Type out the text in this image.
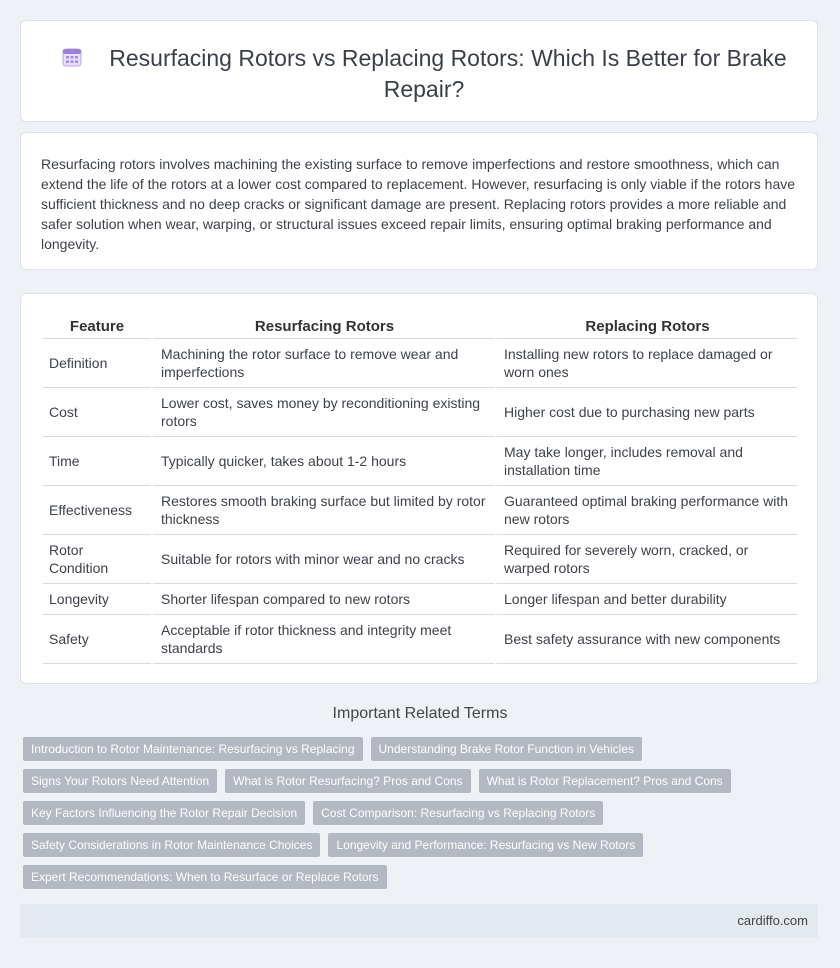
Resurfacing Rotors vs Replacing Rotors: Which Is Better for Brake Repair?

Resurfacing rotors involves machining the existing surface to remove imperfections and restore smoothness, which can extend the life of the rotors at a lower cost compared to replacement. However, resurfacing is only viable if the rotors have sufficient thickness and no deep cracks or significant damage are present. Replacing rotors provides a more reliable and safer solution when wear, warping, or structural issues exceed repair limits, ensuring optimal braking performance and longevity.

Feature	Resurfacing Rotors	Replacing Rotors
Definition	Machining the rotor surface to remove wear and imperfections	Installing new rotors to replace damaged or worn ones
Cost	Lower cost, saves money by reconditioning existing rotors	Higher cost due to purchasing new parts
Time	Typically quicker, takes about 1-2 hours	May take longer, includes removal and installation time
Effectiveness	Restores smooth braking surface but limited by rotor thickness	Guaranteed optimal braking performance with new rotors
Rotor Condition	Suitable for rotors with minor wear and no cracks	Required for severely worn, cracked, or warped rotors
Longevity	Shorter lifespan compared to new rotors	Longer lifespan and better durability
Safety	Acceptable if rotor thickness and integrity meet standards	Best safety assurance with new components
Important Related Terms
Introduction to Rotor Maintenance: Resurfacing vs Replacing	Understanding Brake Rotor Function in Vehicles
Signs Your Rotors Need Attention	What is Rotor Resurfacing? Pros and Cons	What is Rotor Replacement? Pros and Cons
Key Factors Influencing the Rotor Repair Decision	Cost Comparison: Resurfacing vs Replacing Rotors
Safety Considerations in Rotor Maintenance Choices	Longevity and Performance: Resurfacing vs New Rotors
Expert Recommendations: When to Resurface or Replace Rotors
cardiffo.com
